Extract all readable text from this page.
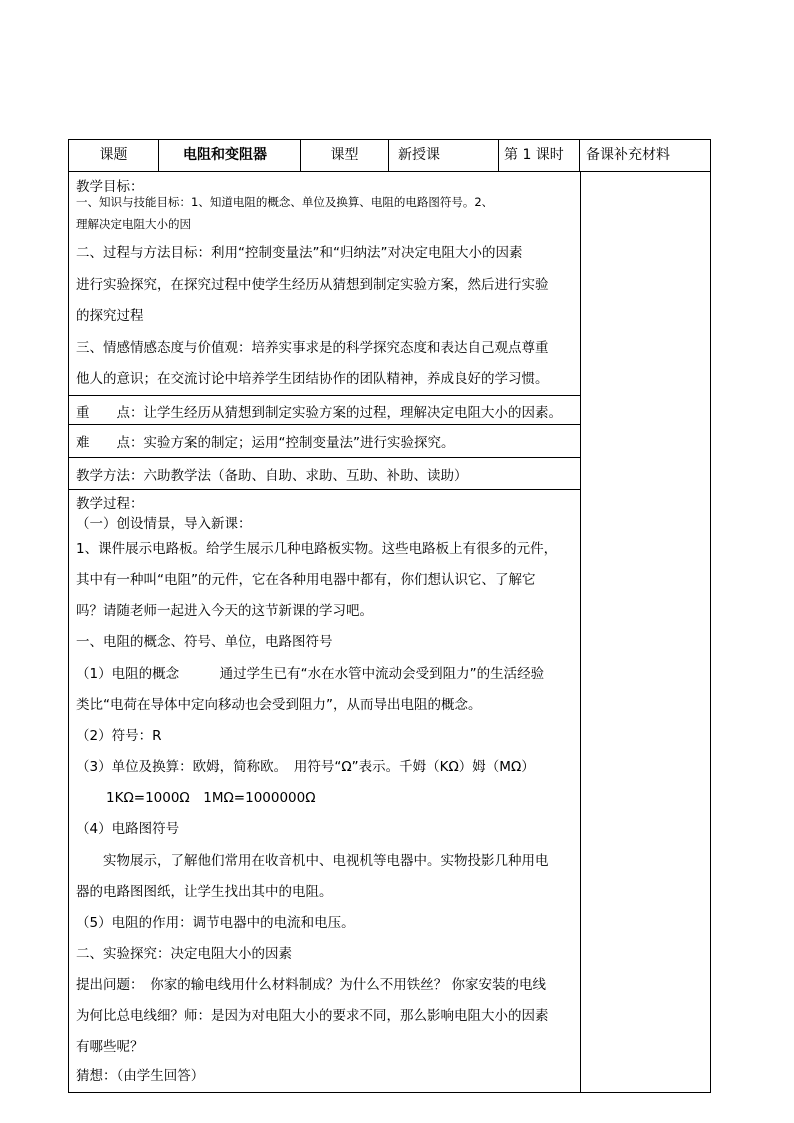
课题	电阻和变阻器	课型	新授课	第 1 课时	备课补充材料
教学目标：
一、知识与技能目标：1、知道电阻的概念、单位及换算、电阻的电路图符号。2、
理解决定电阻大小的因
二、过程与方法目标：利用“控制变量法”和“归纳法”对决定电阻大小的因素
进行实验探究，在探究过程中使学生经历从猜想到制定实验方案，然后进行实验
的探究过程
三、情感情感态度与价值观：培养实事求是的科学探究态度和表达自己观点尊重
他人的意识；在交流讨论中培养学生团结协作的团队精神，养成良好的学习惯。
重　　点：让学生经历从猜想到制定实验方案的过程，理解决定电阻大小的因素。
难　　点：实验方案的制定；运用“控制变量法”进行实验探究。
教学方法：六助教学法（备助、自助、求助、互助、补助、读助）
教学过程：
（一）创设情景，导入新课：
1、课件展示电路板。给学生展示几种电路板实物。这些电路板上有很多的元件，
其中有一种叫“电阻”的元件，它在各种用电器中都有，你们想认识它、了解它
吗？请随老师一起进入今天的这节新课的学习吧。
一、电阻的概念、符号、单位，电路图符号
（1）电阻的概念　　　通过学生已有“水在水管中流动会受到阻力”的生活经验
类比“电荷在导体中定向移动也会受到阻力”，从而导出电阻的概念。
（2）符号：R
（3）单位及换算：欧姆，简称欧。　用符号“Ω”表示。千姆（KΩ）姆（MΩ）
1KΩ=1000Ω　1MΩ=1000000Ω
（4）电路图符号
　　实物展示，了解他们常用在收音机中、电视机等电器中。实物投影几种用电
器的电路图图纸，让学生找出其中的电阻。
（5）电阻的作用：调节电器中的电流和电压。
二、实验探究：决定电阻大小的因素
提出问题：　你家的输电线用什么材料制成？为什么不用铁丝？ 你家安装的电线
为何比总电线细？师：是因为对电阻大小的要求不同，那么影响电阻大小的因素
有哪些呢？
猜想：（由学生回答）
